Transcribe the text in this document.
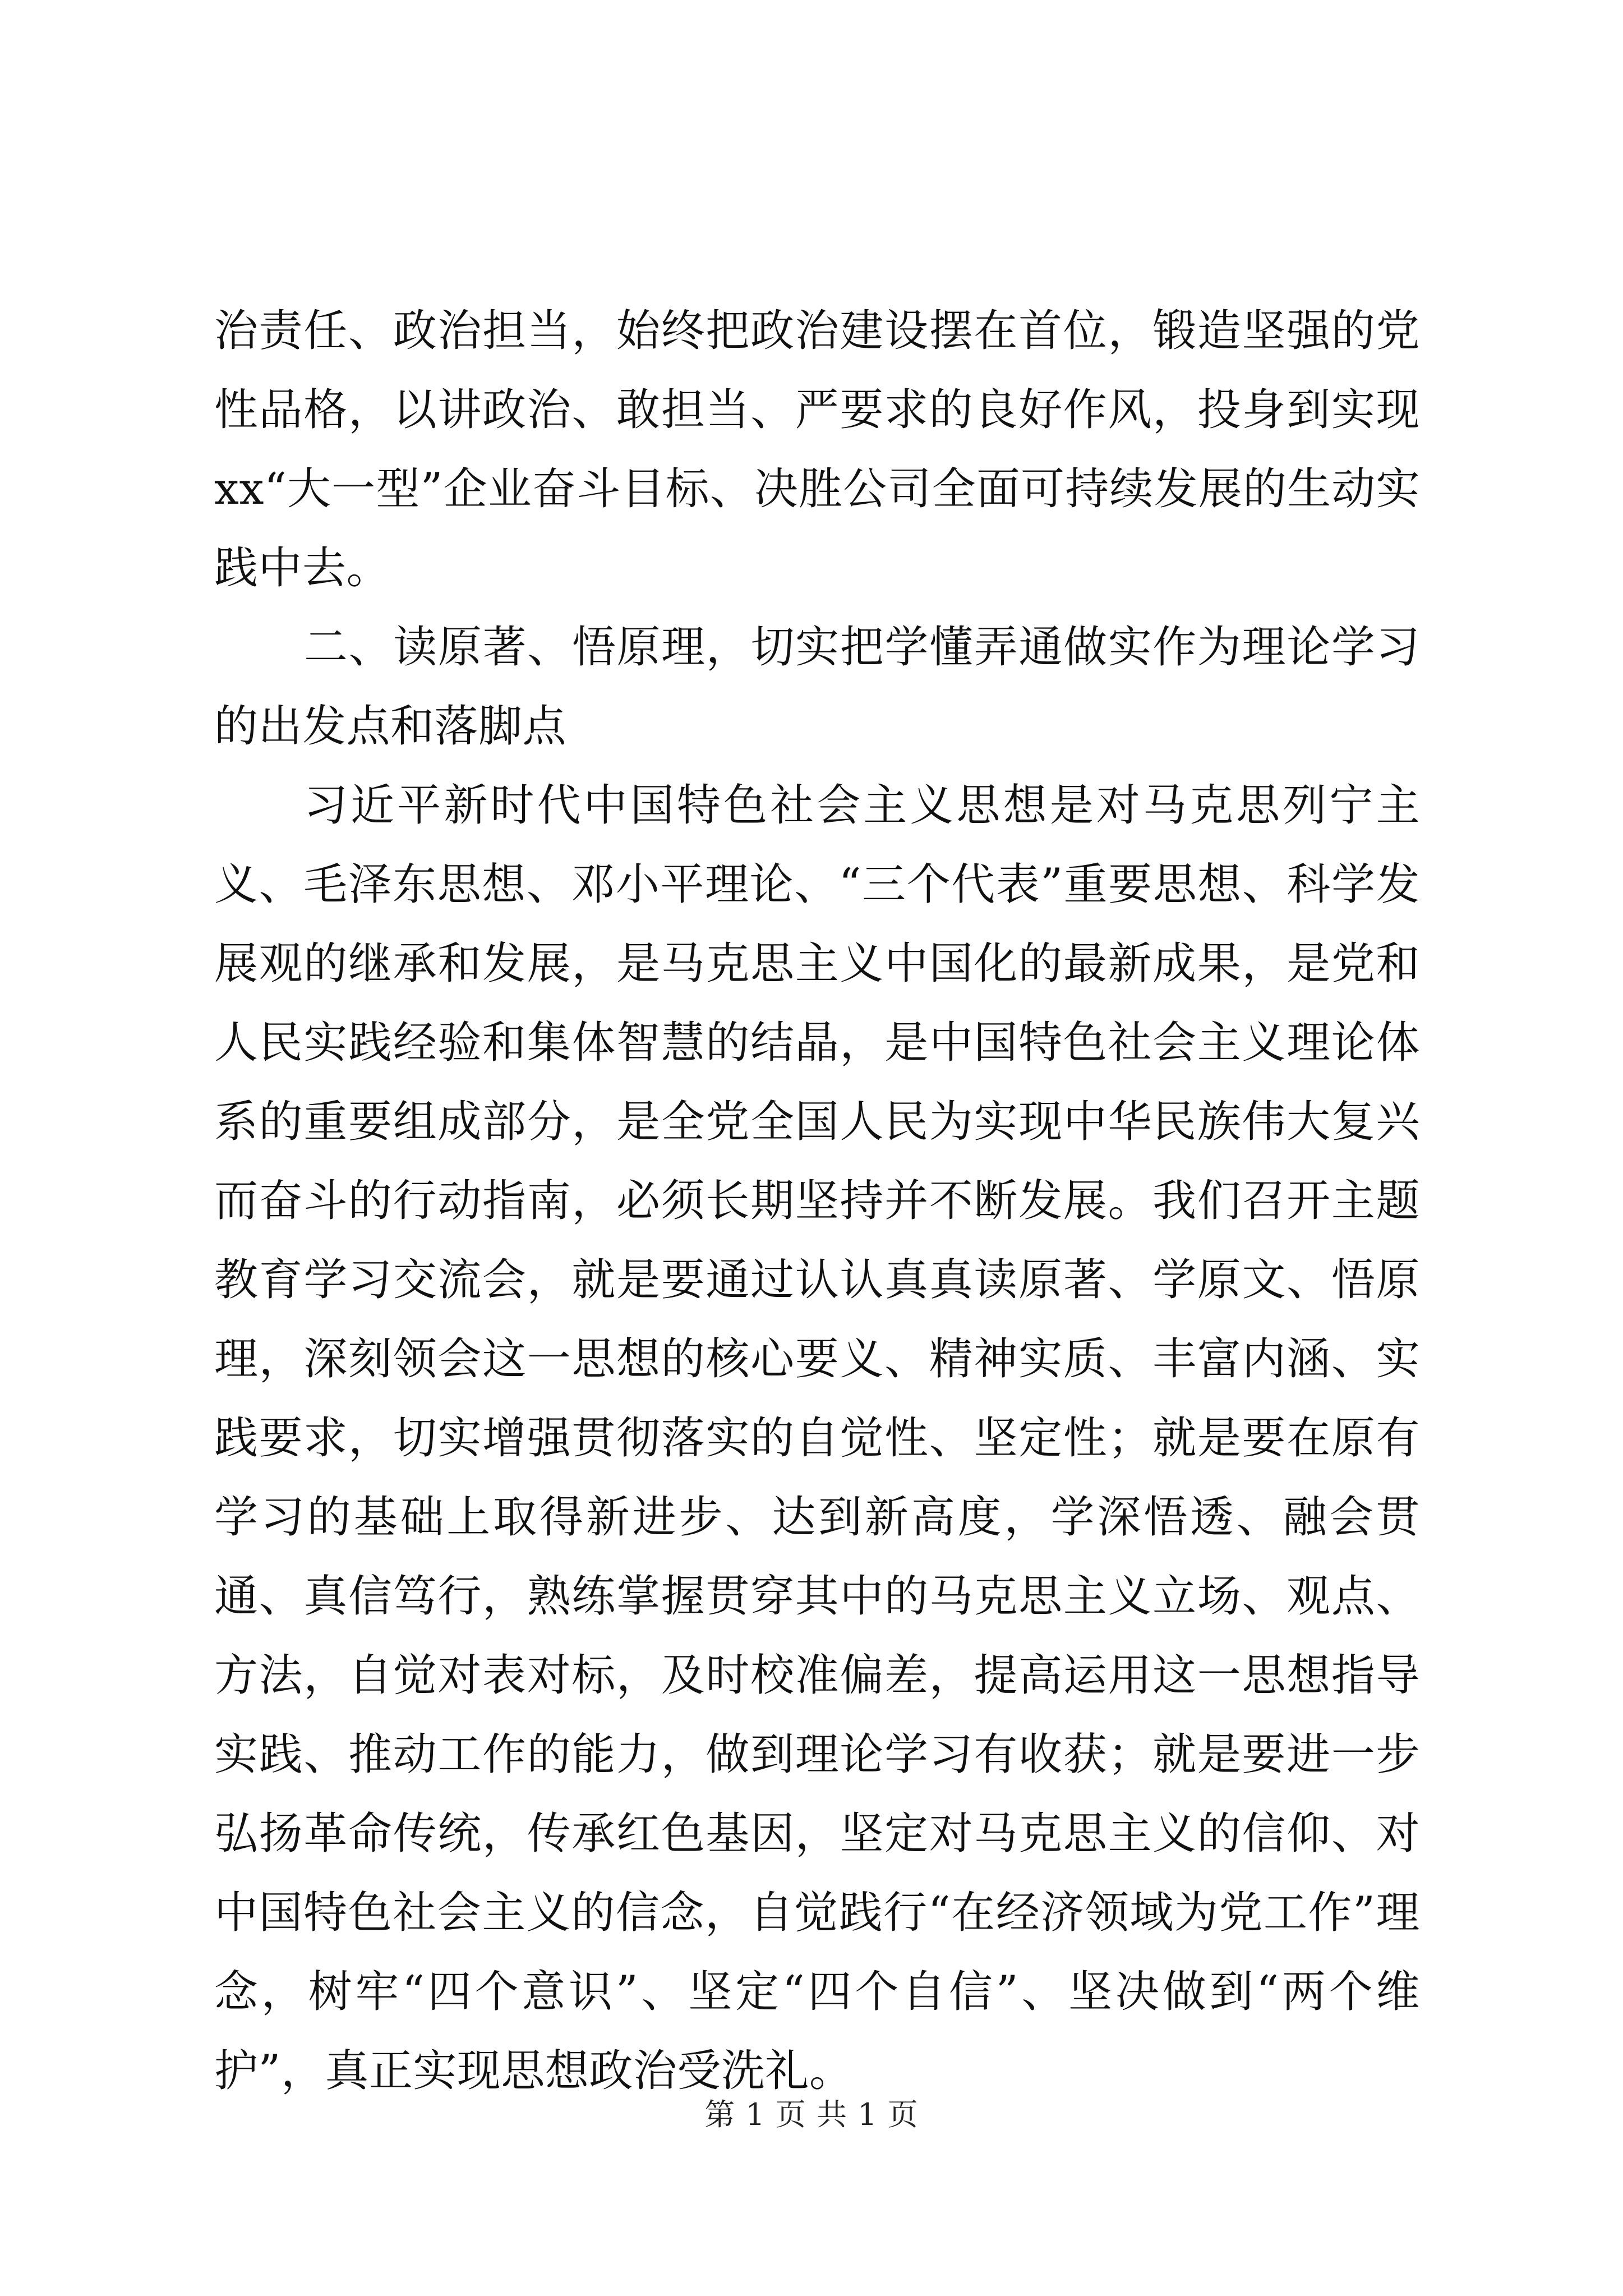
治责任、政治担当，始终把政治建设摆在首位，锻造坚强的党性品格，以讲政治、敢担当、严要求的良好作风，投身到实现xx“大一型”企业奋斗目标、决胜公司全面可持续发展的生动实践中去。

二、读原著、悟原理，切实把学懂弄通做实作为理论学习的出发点和落脚点

习近平新时代中国特色社会主义思想是对马克思列宁主义、毛泽东思想、邓小平理论、“三个代表”重要思想、科学发展观的继承和发展，是马克思主义中国化的最新成果，是党和人民实践经验和集体智慧的结晶，是中国特色社会主义理论体系的重要组成部分，是全党全国人民为实现中华民族伟大复兴而奋斗的行动指南，必须长期坚持并不断发展。我们召开主题教育学习交流会，就是要通过认认真真读原著、学原文、悟原理，深刻领会这一思想的核心要义、精神实质、丰富内涵、实践要求，切实增强贯彻落实的自觉性、坚定性；就是要在原有学习的基础上取得新进步、达到新高度，学深悟透、融会贯通、真信笃行，熟练掌握贯穿其中的马克思主义立场、观点、方法，自觉对表对标，及时校准偏差，提高运用这一思想指导实践、推动工作的能力，做到理论学习有收获；就是要进一步弘扬革命传统，传承红色基因，坚定对马克思主义的信仰、对中国特色社会主义的信念，自觉践行“在经济领域为党工作”理念，树牢“四个意识”、坚定“四个自信”、坚决做到“两个维护”，真正实现思想政治受洗礼。

第 1 页 共 1 页
